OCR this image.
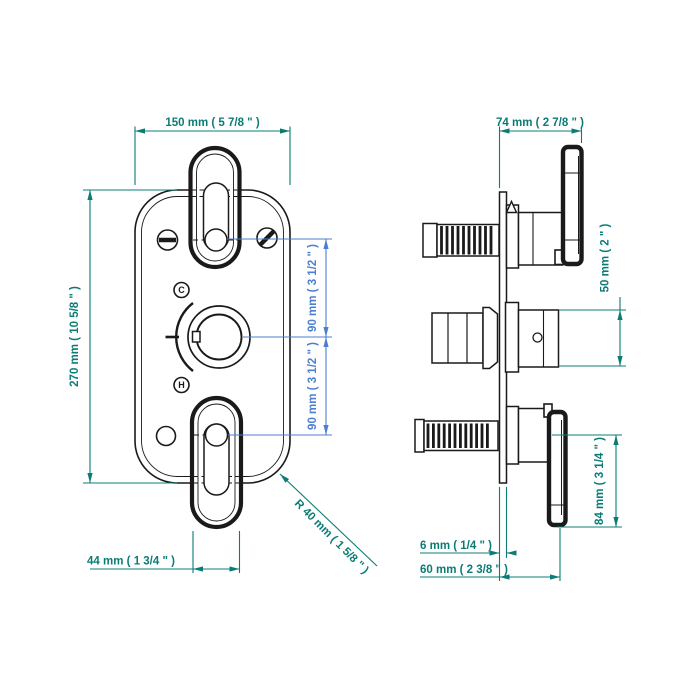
C
H
150 mm ( 5 7/8 " )
270 mm ( 10 5/8 " )
44 mm ( 1 3/4 " )	R 40 mm ( 1 5/8 " )
74 mm ( 2 7/8 " )
50 mm ( 2 " )
84 mm ( 3 1/4 " )
6 mm ( 1/4 " )
60 mm ( 2 3/8 " )
90 mm ( 3 1/2 " )
90 mm ( 3 1/2 " )
